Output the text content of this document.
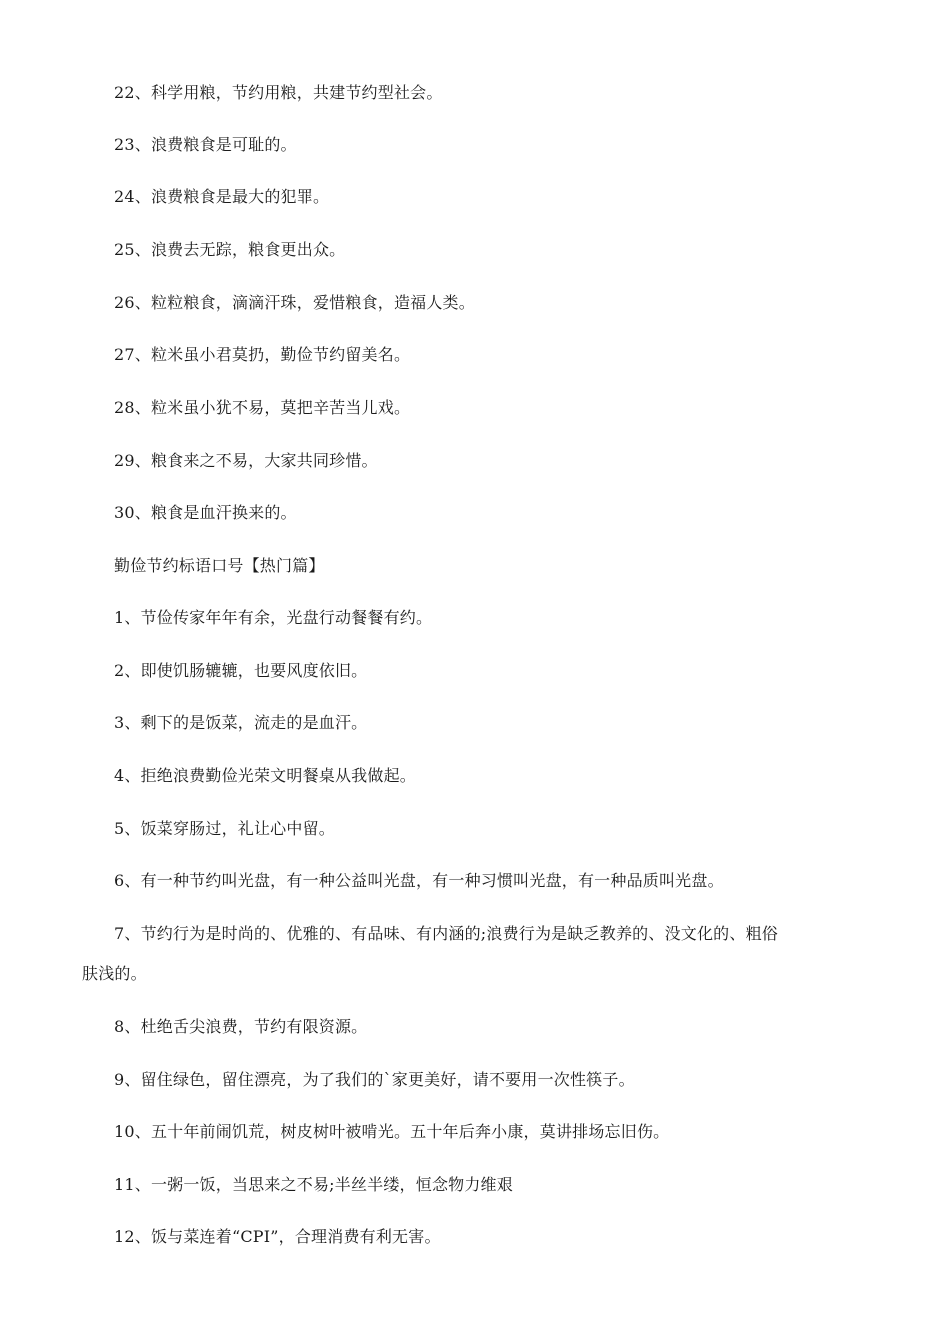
22、科学用粮，节约用粮，共建节约型社会。
23、浪费粮食是可耻的。
24、浪费粮食是最大的犯罪。
25、浪费去无踪，粮食更出众。
26、粒粒粮食，滴滴汗珠，爱惜粮食，造福人类。
27、粒米虽小君莫扔，勤俭节约留美名。
28、粒米虽小犹不易，莫把辛苦当儿戏。
29、粮食来之不易，大家共同珍惜。
30、粮食是血汗换来的。
勤俭节约标语口号【热门篇】
1、节俭传家年年有余，光盘行动餐餐有约。
2、即使饥肠辘辘，也要风度依旧。
3、剩下的是饭菜，流走的是血汗。
4、拒绝浪费勤俭光荣文明餐桌从我做起。
5、饭菜穿肠过，礼让心中留。
6、有一种节约叫光盘，有一种公益叫光盘，有一种习惯叫光盘，有一种品质叫光盘。
7、节约行为是时尚的、优雅的、有品味、有内涵的;浪费行为是缺乏教养的、没文化的、粗俗
肤浅的。
8、杜绝舌尖浪费，节约有限资源。
9、留住绿色，留住漂亮，为了我们的`家更美好，请不要用一次性筷子。
10、五十年前闹饥荒，树皮树叶被啃光。五十年后奔小康，莫讲排场忘旧伤。
11、一粥一饭，当思来之不易;半丝半缕，恒念物力维艰
12、饭与菜连着“CPI”，合理消费有利无害。
